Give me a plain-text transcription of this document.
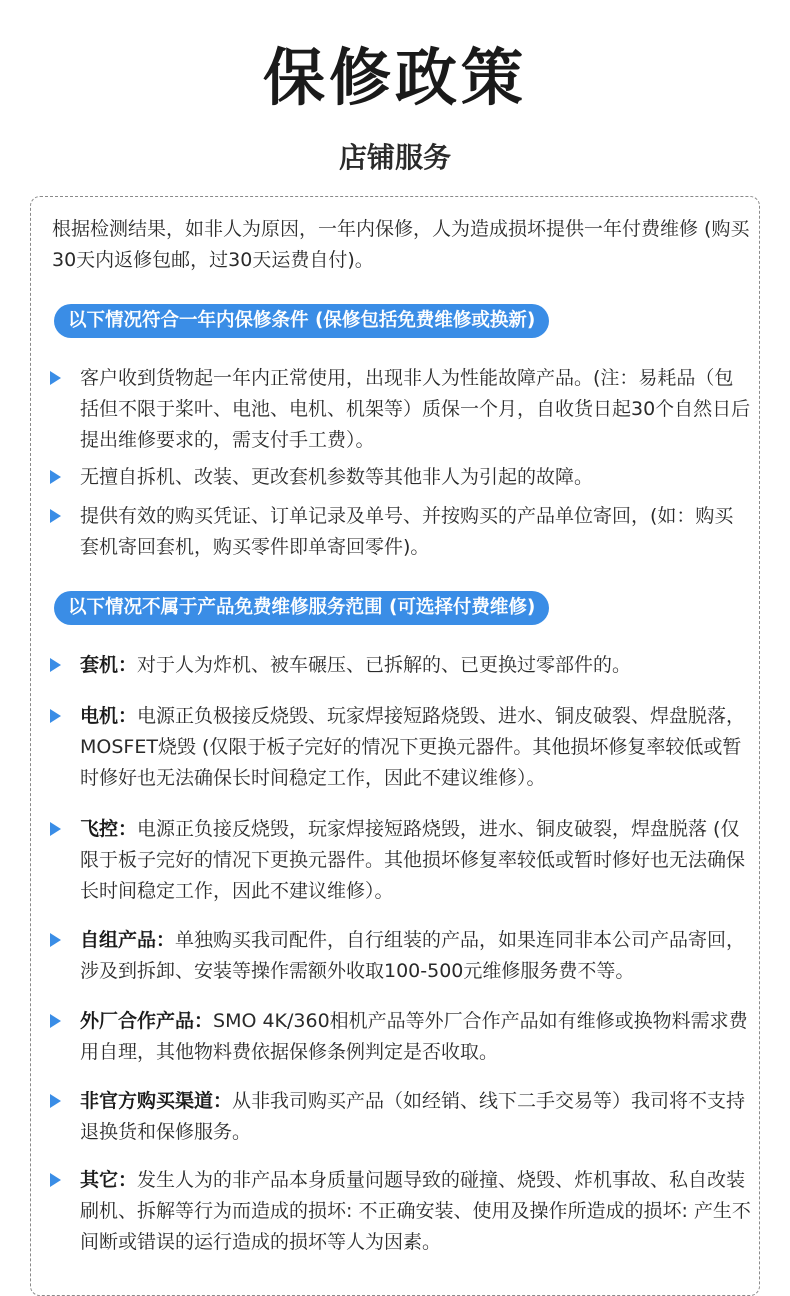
保修政策
店铺服务
根据检测结果，如非人为原因，一年内保修，人为造成损坏提供一年付费维修 (购买30天内返修包邮，过30天运费自付)。
以下情况符合一年内保修条件 (保修包括免费维修或换新)
客户收到货物起一年内正常使用，出现非人为性能故障产品。(注：易耗品（包括但不限于桨叶、电池、电机、机架等）质保一个月，自收货日起30个自然日后提出维修要求的，需支付手工费）。
无擅自拆机、改装、更改套机参数等其他非人为引起的故障。
提供有效的购买凭证、订单记录及单号、并按购买的产品单位寄回，(如：购买套机寄回套机，购买零件即单寄回零件)。
以下情况不属于产品免费维修服务范围 (可选择付费维修)
套机：对于人为炸机、被车碾压、已拆解的、已更换过零部件的。
电机：电源正负极接反烧毁、玩家焊接短路烧毁、进水、铜皮破裂、焊盘脱落，MOSFET烧毁 (仅限于板子完好的情况下更换元器件。其他损坏修复率较低或暂时修好也无法确保长时间稳定工作，因此不建议维修）。
飞控：电源正负接反烧毁，玩家焊接短路烧毁，进水、铜皮破裂，焊盘脱落 (仅限于板子完好的情况下更换元器件。其他损坏修复率较低或暂时修好也无法确保长时间稳定工作，因此不建议维修）。
自组产品：单独购买我司配件，自行组装的产品，如果连同非本公司产品寄回，涉及到拆卸、安装等操作需额外收取100-500元维修服务费不等。
外厂合作产品：SMO 4K/360相机产品等外厂合作产品如有维修或换物料需求费用自理，其他物料费依据保修条例判定是否收取。
非官方购买渠道：从非我司购买产品（如经销、线下二手交易等）我司将不支持退换货和保修服务。
其它：发生人为的非产品本身质量问题导致的碰撞、烧毁、炸机事故、私自改装刷机、拆解等行为而造成的损坏: 不正确安装、使用及操作所造成的损坏: 产生不间断或错误的运行造成的损坏等人为因素。
